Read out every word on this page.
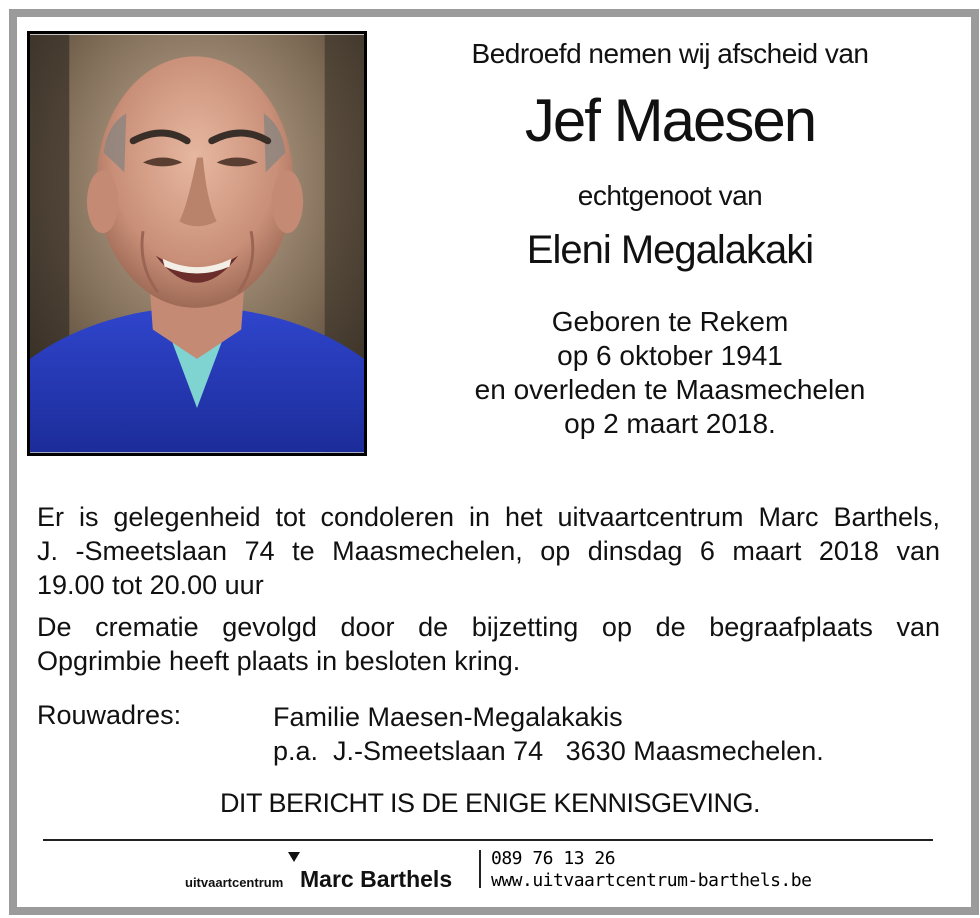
Bedroefd nemen wij afscheid van
Jef Maesen
echtgenoot van
Eleni Megalakaki
Geboren te Rekem
op 6 oktober 1941
en overleden te Maasmechelen
op 2 maart 2018.
Er is gelegenheid tot condoleren in het uitvaartcentrum Marc Barthels,
J. -Smeetslaan 74 te Maasmechelen, op dinsdag 6 maart 2018 van
19.00 tot 20.00 uur
De crematie gevolgd door de bijzetting op de begraafplaats van
Opgrimbie heeft plaats in besloten kring.
Rouwadres:	Familie Maesen-Megalakakis
p.a.  J.-Smeetslaan 74   3630 Maasmechelen.
DIT BERICHT IS DE ENIGE KENNISGEVING.
uitvaartcentrum Marc Barthels
089 76 13 26
www.uitvaartcentrum-barthels.be
